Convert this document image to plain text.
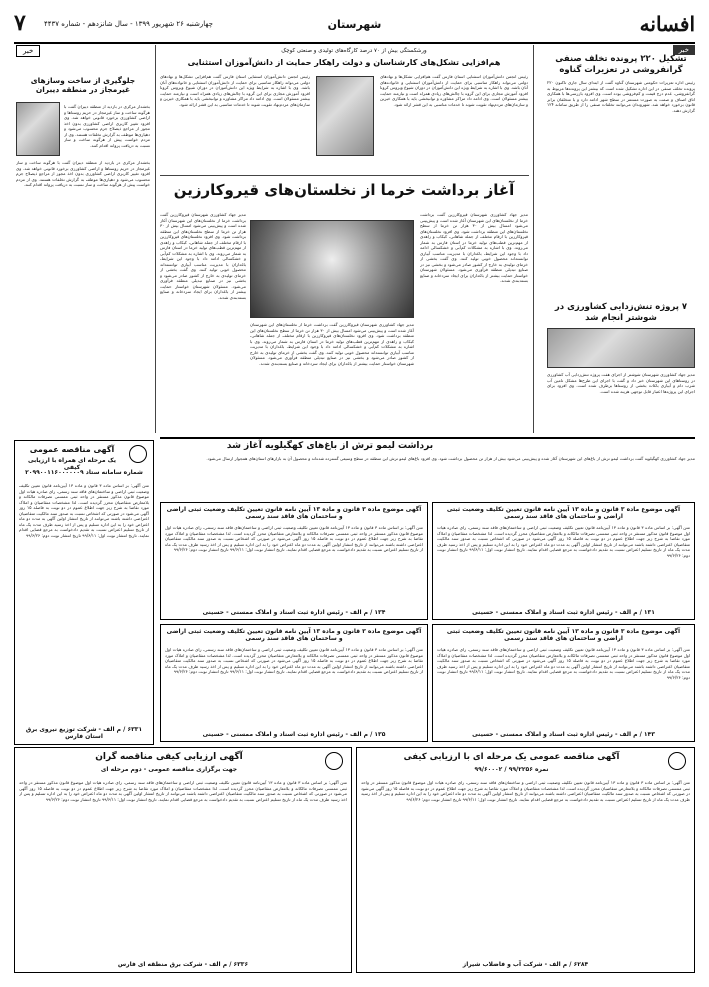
افسانه
شهرستان
چهارشنبه ۲۶ شهریور ۱۳۹۹ - سال شانزدهم - شماره ۴۴۳۷
۷
خبر
تشکیل ۲۲۰ پرونده تخلف صنفی گرانفروشی در تعزیرات گناوه
رئیس اداره تعزیرات حکومتی شهرستان گناوه گفت از ابتدای سال جاری تاکنون ۲۲۰ پرونده تخلف صنفی در این اداره تشکیل شده است که بیشتر این پرونده‌ها مربوط به گرانفروشی، عدم درج قیمت و کم‌فروشی بوده است. وی افزود بازرسی‌ها با همکاری اتاق اصناف و صمت به صورت مستمر در سطح شهر ادامه دارد و با متخلفان برابر قانون برخورد خواهد شد. شهروندان می‌توانند تخلفات صنفی را از طریق سامانه ۱۲۴ گزارش دهند.
۷ پروژه تنش‌زدایی کشاورزی در شوشتر انجام شد
مدیر جهاد کشاورزی شهرستان شوشتر از اجرای هفت پروژه تنش‌زدایی آب کشاورزی در روستاهای این شهرستان خبر داد و گفت با اجرای این طرح‌ها مشکل تامین آب شرب دام و آبیاری باغات بخشی از روستاها برطرف شده است. وی افزود برای اجرای این پروژه‌ها اعتبار قابل توجهی هزینه شده است.
ورشکستگی بیش از ۷۰ درصد کارگاه‌های تولیدی و صنعتی کوچک
هم‌افزایی تشکل‌های کارشناسان و دولت راهکار حمایت از دانش‌آموزان استثنایی
رئیس انجمن دانش‌آموزان استثنایی استان فارس گفت هم‌افزایی تشکل‌ها و نهادهای دولتی می‌تواند راهکار مناسبی برای حمایت از دانش‌آموزان استثنایی و خانواده‌های آنان باشد. وی با اشاره به شرایط ویژه این دانش‌آموزان در دوران شیوع ویروس کرونا افزود آموزش مجازی برای این گروه با چالش‌های زیادی همراه است و نیازمند حمایت بیشتر مسئولان است. وی ادامه داد مراکز مشاوره و توانبخشی باید با همکاری خیرین و سازمان‌های مردم‌نهاد تقویت شوند تا خدمات مناسبی به این قشر ارائه شود.
رئیس انجمن دانش‌آموزان استثنایی استان فارس گفت هم‌افزایی تشکل‌ها و نهادهای دولتی می‌تواند راهکار مناسبی برای حمایت از دانش‌آموزان استثنایی و خانواده‌های آنان باشد. وی با اشاره به شرایط ویژه این دانش‌آموزان در دوران شیوع ویروس کرونا افزود آموزش مجازی برای این گروه با چالش‌های زیادی همراه است و نیازمند حمایت بیشتر مسئولان است. وی ادامه داد مراکز مشاوره و توانبخشی باید با همکاری خیرین و سازمان‌های مردم‌نهاد تقویت شوند تا خدمات مناسبی به این قشر ارائه شود.
خبر
جلوگیری از ساخت وسازهای غیرمجاز در منطقه دیبران
بخشدار مرکزی در بازدید از منطقه دیبران گفت با هرگونه ساخت و ساز غیرمجاز در حریم روستاها و اراضی کشاورزی برخورد قانونی خواهد شد. وی افزود تغییر کاربری اراضی کشاورزی بدون اخذ مجوز از مراجع ذیصلاح جرم محسوب می‌شود و دهیاری‌ها موظف به گزارش تخلفات هستند. وی از مردم خواست پیش از هرگونه ساخت و ساز نسبت به دریافت پروانه اقدام کنند.
بخشدار مرکزی در بازدید از منطقه دیبران گفت با هرگونه ساخت و ساز غیرمجاز در حریم روستاها و اراضی کشاورزی برخورد قانونی خواهد شد. وی افزود تغییر کاربری اراضی کشاورزی بدون اخذ مجوز از مراجع ذیصلاح جرم محسوب می‌شود و دهیاری‌ها موظف به گزارش تخلفات هستند. وی از مردم خواست پیش از هرگونه ساخت و ساز نسبت به دریافت پروانه اقدام کنند.	آغاز برداشت خرما از نخلستان‌های قیروکارزین
مدیر جهاد کشاورزی شهرستان قیروکارزین گفت برداشت خرما از نخلستان‌های این شهرستان آغاز شده است و پیش‌بینی می‌شود امسال بیش از ۳۰ هزار تن خرما از سطح نخلستان‌های این منطقه برداشت شود. وی افزود نخلستان‌های قیروکارزین با ارقام مختلف از جمله شاهانی، کبکاب و زاهدی از مهم‌ترین قطب‌های تولید خرما در استان فارس به شمار می‌روند. وی با اشاره به مشکلات کم‌آبی و خشکسالی ادامه داد با وجود این شرایط، باغداران با مدیریت مناسب آبیاری توانسته‌اند محصول خوبی تولید کنند. وی گفت بخشی از خرمای تولیدی به خارج از کشور صادر می‌شود و بخشی نیز در صنایع تبدیلی منطقه فرآوری می‌شود. مسئولان شهرستان خواستار حمایت بیشتر از باغداران برای ایجاد سردخانه و صنایع بسته‌بندی شدند.
مدیر جهاد کشاورزی شهرستان قیروکارزین گفت برداشت خرما از نخلستان‌های این شهرستان آغاز شده است و پیش‌بینی می‌شود امسال بیش از ۳۰ هزار تن خرما از سطح نخلستان‌های این منطقه برداشت شود. وی افزود نخلستان‌های قیروکارزین با ارقام مختلف از جمله شاهانی، کبکاب و زاهدی از مهم‌ترین قطب‌های تولید خرما در استان فارس به شمار می‌روند. وی با اشاره به مشکلات کم‌آبی و خشکسالی ادامه داد با وجود این شرایط، باغداران با مدیریت مناسب آبیاری توانسته‌اند محصول خوبی تولید کنند. وی گفت بخشی از خرمای تولیدی به خارج از کشور صادر می‌شود و بخشی نیز در صنایع تبدیلی منطقه فرآوری می‌شود. مسئولان شهرستان خواستار حمایت بیشتر از باغداران برای ایجاد سردخانه و صنایع بسته‌بندی شدند.
مدیر جهاد کشاورزی شهرستان قیروکارزین گفت برداشت خرما از نخلستان‌های این شهرستان آغاز شده است و پیش‌بینی می‌شود امسال بیش از ۳۰ هزار تن خرما از سطح نخلستان‌های این منطقه برداشت شود. وی افزود نخلستان‌های قیروکارزین با ارقام مختلف از جمله شاهانی، کبکاب و زاهدی از مهم‌ترین قطب‌های تولید خرما در استان فارس به شمار می‌روند. وی با اشاره به مشکلات کم‌آبی و خشکسالی ادامه داد با وجود این شرایط، باغداران با مدیریت مناسب آبیاری توانسته‌اند محصول خوبی تولید کنند. وی گفت بخشی از خرمای تولیدی به خارج از کشور صادر می‌شود و بخشی نیز در صنایع تبدیلی منطقه فرآوری می‌شود. مسئولان شهرستان خواستار حمایت بیشتر از باغداران برای ایجاد سردخانه و صنایع بسته‌بندی شدند.
برداشت لیمو ترش از باغ‌های کهگیلویه آغاز شد
مدیر جهاد کشاورزی کهگیلویه گفت برداشت لیمو ترش از باغ‌های این شهرستان آغاز شده و پیش‌بینی می‌شود بیش از هزار تن محصول برداشت شود. وی افزود باغ‌های لیمو ترش این منطقه در سطح وسیعی گسترده شده‌اند و محصول آن به بازارهای استان‌های همجوار ارسال می‌شود.
آگهی مناقصه عمومی
یک مرحله ای همراه با ارزیابی کیفی
شماره سامانه ستاد ۲۰۹۹۰۰۱۱۶۰۰۰۰۰۰۹
متن آگهی: بر اساس ماده ۳ قانون و ماده ۱۳ آیین‌نامه قانون تعیین تکلیف وضعیت ثبتی اراضی و ساختمان‌های فاقد سند رسمی، رای صادره هیات اول موضوع قانون مذکور مستقر در واحد ثبتی ممسنی تصرفات مالکانه و بلامعارض متقاضیان محرز گردیده است. لذا مشخصات متقاضیان و املاک مورد تقاضا به شرح زیر جهت اطلاع عموم در دو نوبت به فاصله ۱۵ روز آگهی می‌شود در صورتی که اشخاص نسبت به صدور سند مالکیت متقاضیان اعتراضی داشته باشند می‌توانند از تاریخ انتشار اولین آگهی به مدت دو ماه اعتراض خود را به این اداره تسلیم و پس از اخذ رسید ظرف مدت یک ماه از تاریخ تسلیم اعتراض نسبت به تقدیم دادخواست به مرجع قضایی اقدام نمایند. تاریخ انتشار نوبت اول: ۹۹/۶/۱۱ تاریخ انتشار نوبت دوم: ۹۹/۶/۲۶
۶۳۳۱ / م الف - شرکت توزیع نیروی برق استان فارس
آگهی موضوع ماده ۳ قانون و ماده ۱۳ آیین نامه قانون تعیین تکلیف وضعیت ثبتی اراضی و ساختمان های فاقد سند رسمی
متن آگهی: بر اساس ماده ۳ قانون و ماده ۱۳ آیین‌نامه قانون تعیین تکلیف وضعیت ثبتی اراضی و ساختمان‌های فاقد سند رسمی، رای صادره هیات اول موضوع قانون مذکور مستقر در واحد ثبتی ممسنی تصرفات مالکانه و بلامعارض متقاضیان محرز گردیده است. لذا مشخصات متقاضیان و املاک مورد تقاضا به شرح زیر جهت اطلاع عموم در دو نوبت به فاصله ۱۵ روز آگهی می‌شود در صورتی که اشخاص نسبت به صدور سند مالکیت متقاضیان اعتراضی داشته باشند می‌توانند از تاریخ انتشار اولین آگهی به مدت دو ماه اعتراض خود را به این اداره تسلیم و پس از اخذ رسید ظرف مدت یک ماه از تاریخ تسلیم اعتراض نسبت به تقدیم دادخواست به مرجع قضایی اقدام نمایند. تاریخ انتشار نوبت اول: ۹۹/۶/۱۱ تاریخ انتشار نوبت دوم: ۹۹/۶/۲۶
۱۳۴ / م الف - رئیس اداره ثبت اسناد و املاک ممسنی - حسینی
آگهی موضوع ماده ۳ قانون و ماده ۱۳ آیین نامه قانون تعیین تکلیف وضعیت ثبتی اراضی و ساختمان های فاقد سند رسمی
متن آگهی: بر اساس ماده ۳ قانون و ماده ۱۳ آیین‌نامه قانون تعیین تکلیف وضعیت ثبتی اراضی و ساختمان‌های فاقد سند رسمی، رای صادره هیات اول موضوع قانون مذکور مستقر در واحد ثبتی ممسنی تصرفات مالکانه و بلامعارض متقاضیان محرز گردیده است. لذا مشخصات متقاضیان و املاک مورد تقاضا به شرح زیر جهت اطلاع عموم در دو نوبت به فاصله ۱۵ روز آگهی می‌شود در صورتی که اشخاص نسبت به صدور سند مالکیت متقاضیان اعتراضی داشته باشند می‌توانند از تاریخ انتشار اولین آگهی به مدت دو ماه اعتراض خود را به این اداره تسلیم و پس از اخذ رسید ظرف مدت یک ماه از تاریخ تسلیم اعتراض نسبت به تقدیم دادخواست به مرجع قضایی اقدام نمایند. تاریخ انتشار نوبت اول: ۹۹/۶/۱۱ تاریخ انتشار نوبت دوم: ۹۹/۶/۲۶
۱۳۱ / م الف - رئیس اداره ثبت اسناد و املاک ممسنی - حسینی
آگهی موضوع ماده ۳ قانون و ماده ۱۳ آیین نامه قانون تعیین تکلیف وضعیت ثبتی اراضی و ساختمان های فاقد سند رسمی
متن آگهی: بر اساس ماده ۳ قانون و ماده ۱۳ آیین‌نامه قانون تعیین تکلیف وضعیت ثبتی اراضی و ساختمان‌های فاقد سند رسمی، رای صادره هیات اول موضوع قانون مذکور مستقر در واحد ثبتی ممسنی تصرفات مالکانه و بلامعارض متقاضیان محرز گردیده است. لذا مشخصات متقاضیان و املاک مورد تقاضا به شرح زیر جهت اطلاع عموم در دو نوبت به فاصله ۱۵ روز آگهی می‌شود در صورتی که اشخاص نسبت به صدور سند مالکیت متقاضیان اعتراضی داشته باشند می‌توانند از تاریخ انتشار اولین آگهی به مدت دو ماه اعتراض خود را به این اداره تسلیم و پس از اخذ رسید ظرف مدت یک ماه از تاریخ تسلیم اعتراض نسبت به تقدیم دادخواست به مرجع قضایی اقدام نمایند. تاریخ انتشار نوبت اول: ۹۹/۶/۱۱ تاریخ انتشار نوبت دوم: ۹۹/۶/۲۶
۱۳۵ / م الف - رئیس اداره ثبت اسناد و املاک ممسنی - حسینی
آگهی موضوع ماده ۳ قانون و ماده ۱۳ آیین نامه قانون تعیین تکلیف وضعیت ثبتی اراضی و ساختمان های فاقد سند رسمی
متن آگهی: بر اساس ماده ۳ قانون و ماده ۱۳ آیین‌نامه قانون تعیین تکلیف وضعیت ثبتی اراضی و ساختمان‌های فاقد سند رسمی، رای صادره هیات اول موضوع قانون مذکور مستقر در واحد ثبتی ممسنی تصرفات مالکانه و بلامعارض متقاضیان محرز گردیده است. لذا مشخصات متقاضیان و املاک مورد تقاضا به شرح زیر جهت اطلاع عموم در دو نوبت به فاصله ۱۵ روز آگهی می‌شود در صورتی که اشخاص نسبت به صدور سند مالکیت متقاضیان اعتراضی داشته باشند می‌توانند از تاریخ انتشار اولین آگهی به مدت دو ماه اعتراض خود را به این اداره تسلیم و پس از اخذ رسید ظرف مدت یک ماه از تاریخ تسلیم اعتراض نسبت به تقدیم دادخواست به مرجع قضایی اقدام نمایند. تاریخ انتشار نوبت اول: ۹۹/۶/۱۱ تاریخ انتشار نوبت دوم: ۹۹/۶/۲۶
۱۴۳ / م الف - رئیس اداره ثبت اسناد و املاک ممسنی - حسینی
آگهی ارزیابی کیفی مناقصه گران
جهت برگزاری مناقصه عمومی - دوم مرحله ای
متن آگهی: بر اساس ماده ۳ قانون و ماده ۱۳ آیین‌نامه قانون تعیین تکلیف وضعیت ثبتی اراضی و ساختمان‌های فاقد سند رسمی، رای صادره هیات اول موضوع قانون مذکور مستقر در واحد ثبتی ممسنی تصرفات مالکانه و بلامعارض متقاضیان محرز گردیده است. لذا مشخصات متقاضیان و املاک مورد تقاضا به شرح زیر جهت اطلاع عموم در دو نوبت به فاصله ۱۵ روز آگهی می‌شود در صورتی که اشخاص نسبت به صدور سند مالکیت متقاضیان اعتراضی داشته باشند می‌توانند از تاریخ انتشار اولین آگهی به مدت دو ماه اعتراض خود را به این اداره تسلیم و پس از اخذ رسید ظرف مدت یک ماه از تاریخ تسلیم اعتراض نسبت به تقدیم دادخواست به مرجع قضایی اقدام نمایند. تاریخ انتشار نوبت اول: ۹۹/۶/۱۱ تاریخ انتشار نوبت دوم: ۹۹/۶/۲۶
۶۳۳۶ / م الف - شرکت برق منطقه ای فارس
آگهی مناقصه عمومی یک مرحله ای با ارزیابی کیفی
نمره ۹۹/۲۲۵۶ / ۹۹/۶۰۰۰۲
متن آگهی: بر اساس ماده ۳ قانون و ماده ۱۳ آیین‌نامه قانون تعیین تکلیف وضعیت ثبتی اراضی و ساختمان‌های فاقد سند رسمی، رای صادره هیات اول موضوع قانون مذکور مستقر در واحد ثبتی ممسنی تصرفات مالکانه و بلامعارض متقاضیان محرز گردیده است. لذا مشخصات متقاضیان و املاک مورد تقاضا به شرح زیر جهت اطلاع عموم در دو نوبت به فاصله ۱۵ روز آگهی می‌شود در صورتی که اشخاص نسبت به صدور سند مالکیت متقاضیان اعتراضی داشته باشند می‌توانند از تاریخ انتشار اولین آگهی به مدت دو ماه اعتراض خود را به این اداره تسلیم و پس از اخذ رسید ظرف مدت یک ماه از تاریخ تسلیم اعتراض نسبت به تقدیم دادخواست به مرجع قضایی اقدام نمایند. تاریخ انتشار نوبت اول: ۹۹/۶/۱۱ تاریخ انتشار نوبت دوم: ۹۹/۶/۲۶
۶۲۸۴ / م الف - شرکت آب و فاضلاب شیراز
